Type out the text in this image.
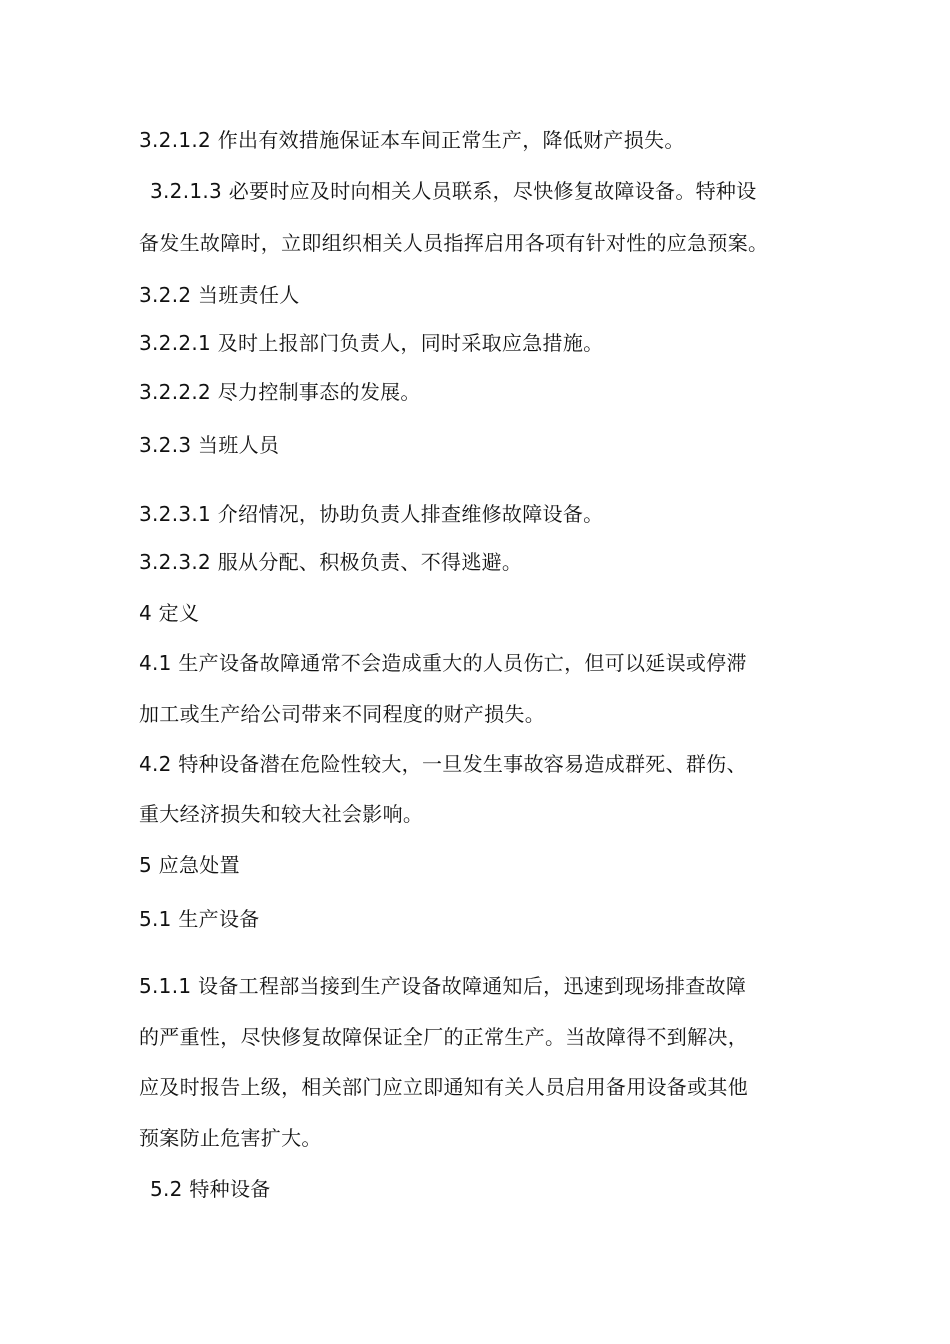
3.2.1.2 作出有效措施保证本车间正常生产，降低财产损失。
3.2.1.3 必要时应及时向相关人员联系，尽快修复故障设备。特种设
备发生故障时，立即组织相关人员指挥启用各项有针对性的应急预案。
3.2.2 当班责任人
3.2.2.1 及时上报部门负责人，同时采取应急措施。
3.2.2.2 尽力控制事态的发展。
3.2.3 当班人员
3.2.3.1 介绍情况，协助负责人排查维修故障设备。
3.2.3.2 服从分配、积极负责、不得逃避。
4 定义
4.1 生产设备故障通常不会造成重大的人员伤亡，但可以延误或停滞
加工或生产给公司带来不同程度的财产损失。
4.2 特种设备潜在危险性较大，一旦发生事故容易造成群死、群伤、
重大经济损失和较大社会影响。
5 应急处置
5.1 生产设备
5.1.1 设备工程部当接到生产设备故障通知后，迅速到现场排查故障
的严重性，尽快修复故障保证全厂的正常生产。当故障得不到解决，
应及时报告上级，相关部门应立即通知有关人员启用备用设备或其他
预案防止危害扩大。
5.2 特种设备
